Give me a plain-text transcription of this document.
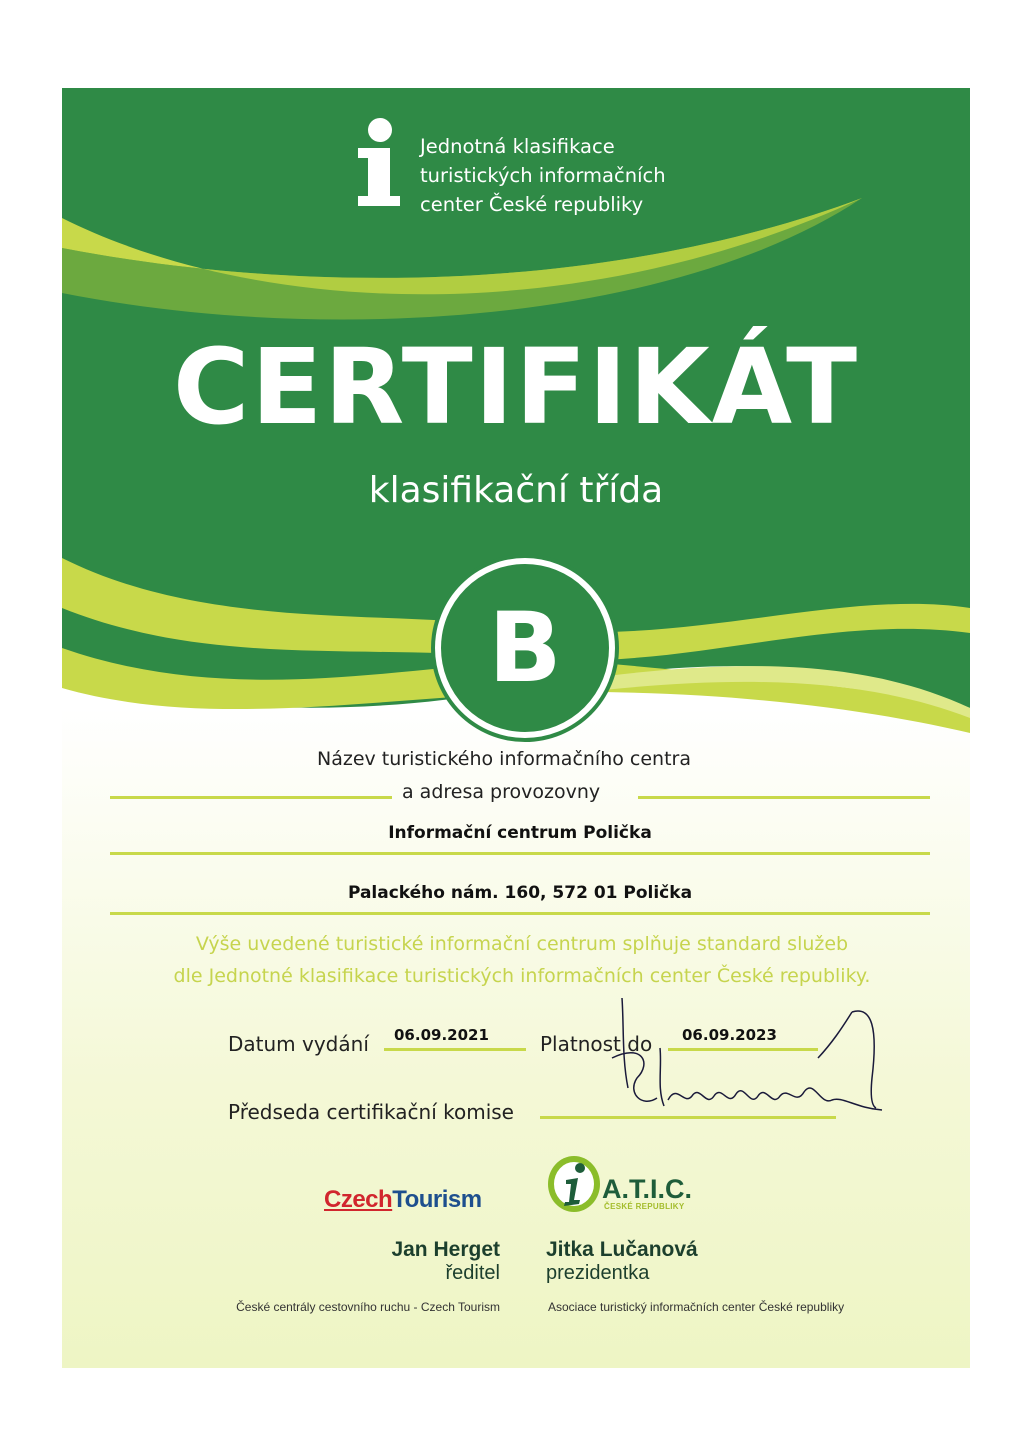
Jednotná klasifikace
turistických informačních
center České republiky
CERTIFIKÁT
klasifikační třída
B
Název turistického informačního centra
a adresa provozovny
Informační centrum Polička
Palackého nám. 160, 572 01 Polička
Výše uvedené turistické informační centrum splňuje standard služeb
dle Jednotné klasifikace turistických informačních center České republiky.
Datum vydání 06.09.2021	Platnost do 06.09.2023
Předseda certifikační komise
CzechTourism	A.T.I.C.
ČESKÉ REPUBLIKY
Jan Herget
ředitel
České centrály cestovního ruchu - Czech Tourism
Jitka Lučanová
prezidentka
Asociace turistický informačních center České republiky
